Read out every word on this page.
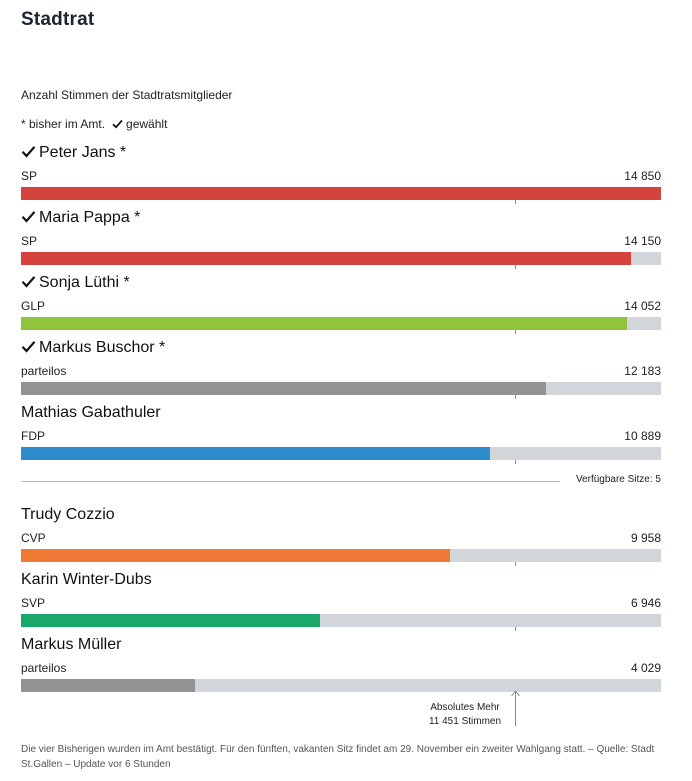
Stadtrat
Anzahl Stimmen der Stadtratsmitglieder
* bisher im Amt. gewählt
Peter Jans *
SP	14 850
Maria Pappa *
SP	14 150
Sonja Lüthi *
GLP	14 052
Markus Buschor *
parteilos	12 183
Mathias Gabathuler
FDP	10 889
Trudy Cozzio
CVP	9 958
Karin Winter-Dubs
SVP	6 946
Markus Müller
parteilos	4 029
Verfügbare Sitze: 5
Absolutes Mehr
11 451 Stimmen
Die vier Bisherigen wurden im Amt bestätigt. Für den fünften, vakanten Sitz findet am 29. November ein zweiter Wahlgang statt. – Quelle: Stadt St.Gallen – Update vor 6 Stunden
